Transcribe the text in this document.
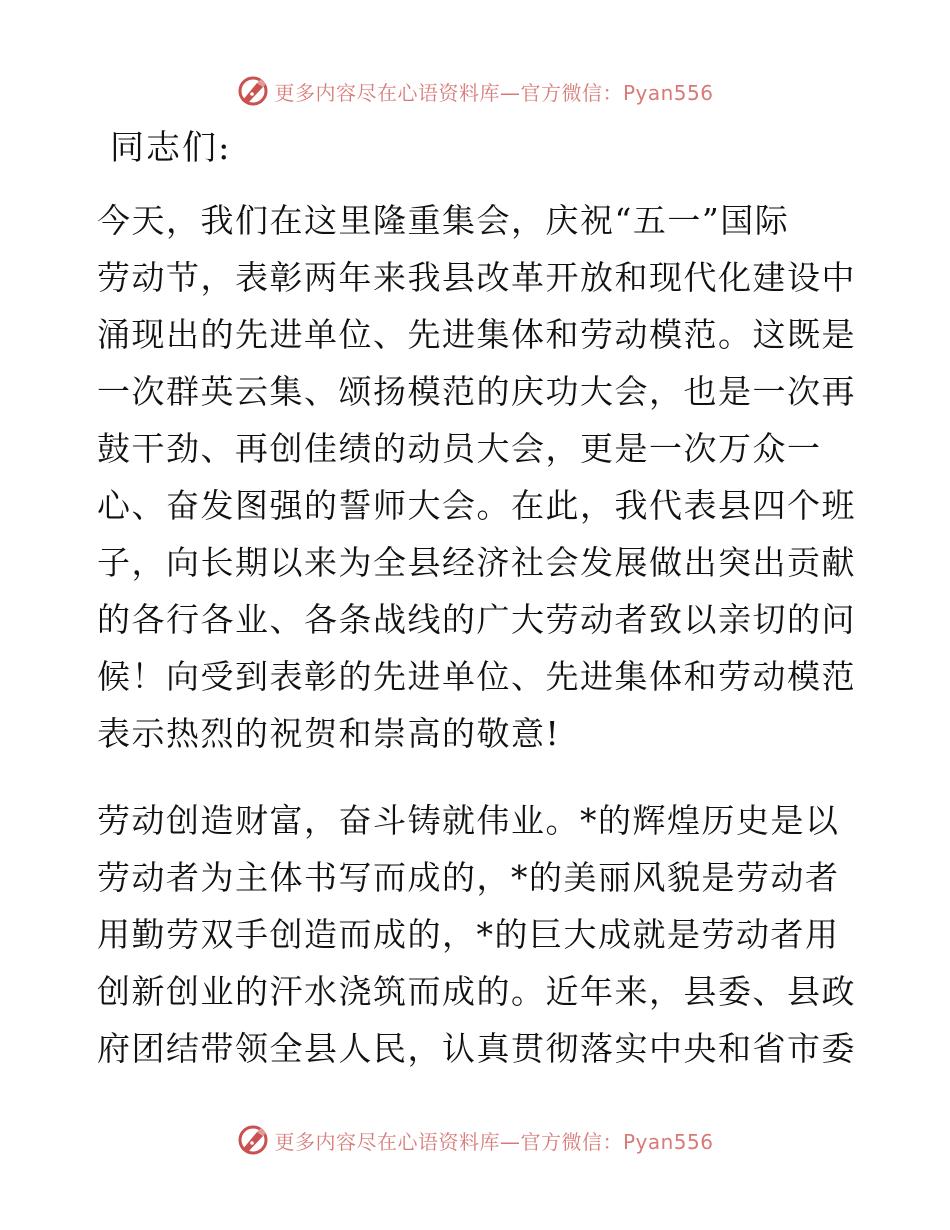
更多内容尽在心语资料库—官方微信：Pyan556
同志们:
今天，我们在这里隆重集会，庆祝“五一”国际
劳动节，表彰两年来我县改革开放和现代化建设中
涌现出的先进单位、先进集体和劳动模范。这既是
一次群英云集、颂扬模范的庆功大会，也是一次再
鼓干劲、再创佳绩的动员大会，更是一次万众一
心、奋发图强的誓师大会。在此，我代表县四个班
子，向长期以来为全县经济社会发展做出突出贡献
的各行各业、各条战线的广大劳动者致以亲切的问
候！向受到表彰的先进单位、先进集体和劳动模范
表示热烈的祝贺和崇高的敬意!
劳动创造财富，奋斗铸就伟业。*的辉煌历史是以
劳动者为主体书写而成的，*的美丽风貌是劳动者
用勤劳双手创造而成的，*的巨大成就是劳动者用
创新创业的汗水浇筑而成的。近年来，县委、县政
府团结带领全县人民，认真贯彻落实中央和省市委
更多内容尽在心语资料库—官方微信：Pyan556
